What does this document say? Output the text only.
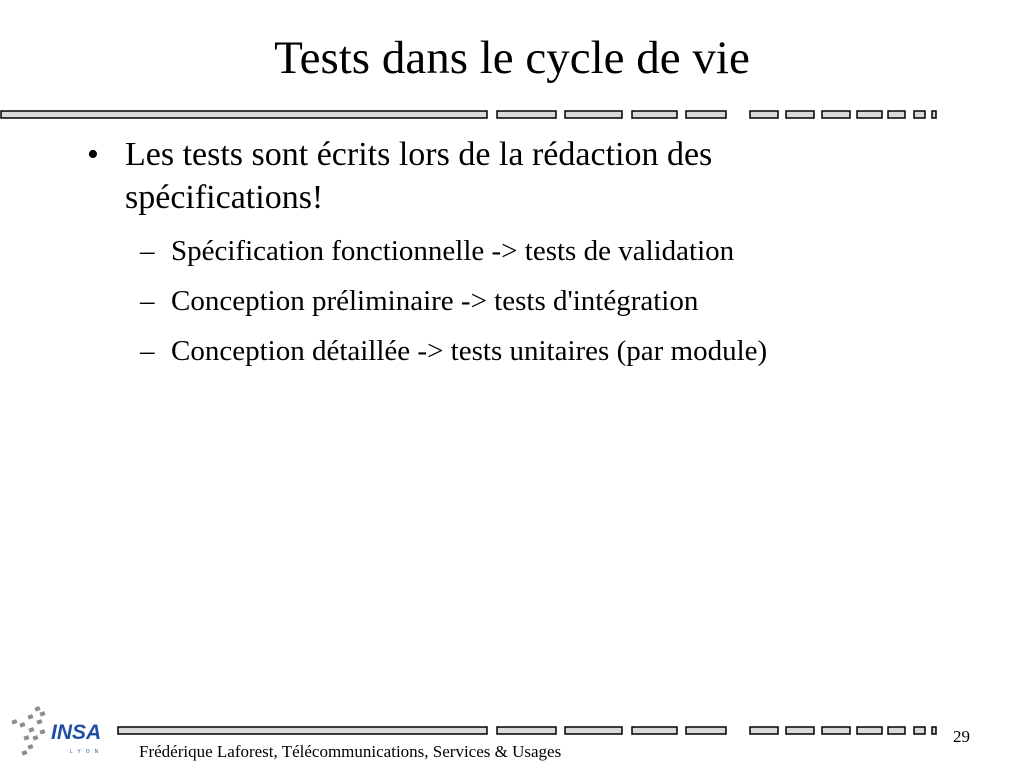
Tests dans le cycle de vie
• Les tests sont écrits lors de la rédaction des spécifications!
– Spécification fonctionnelle -> tests de validation
– Conception préliminaire -> tests d'intégration
– Conception détaillée -> tests unitaires (par module)
INSA
LYON
29
Frédérique Laforest, Télécommunications, Services & Usages
